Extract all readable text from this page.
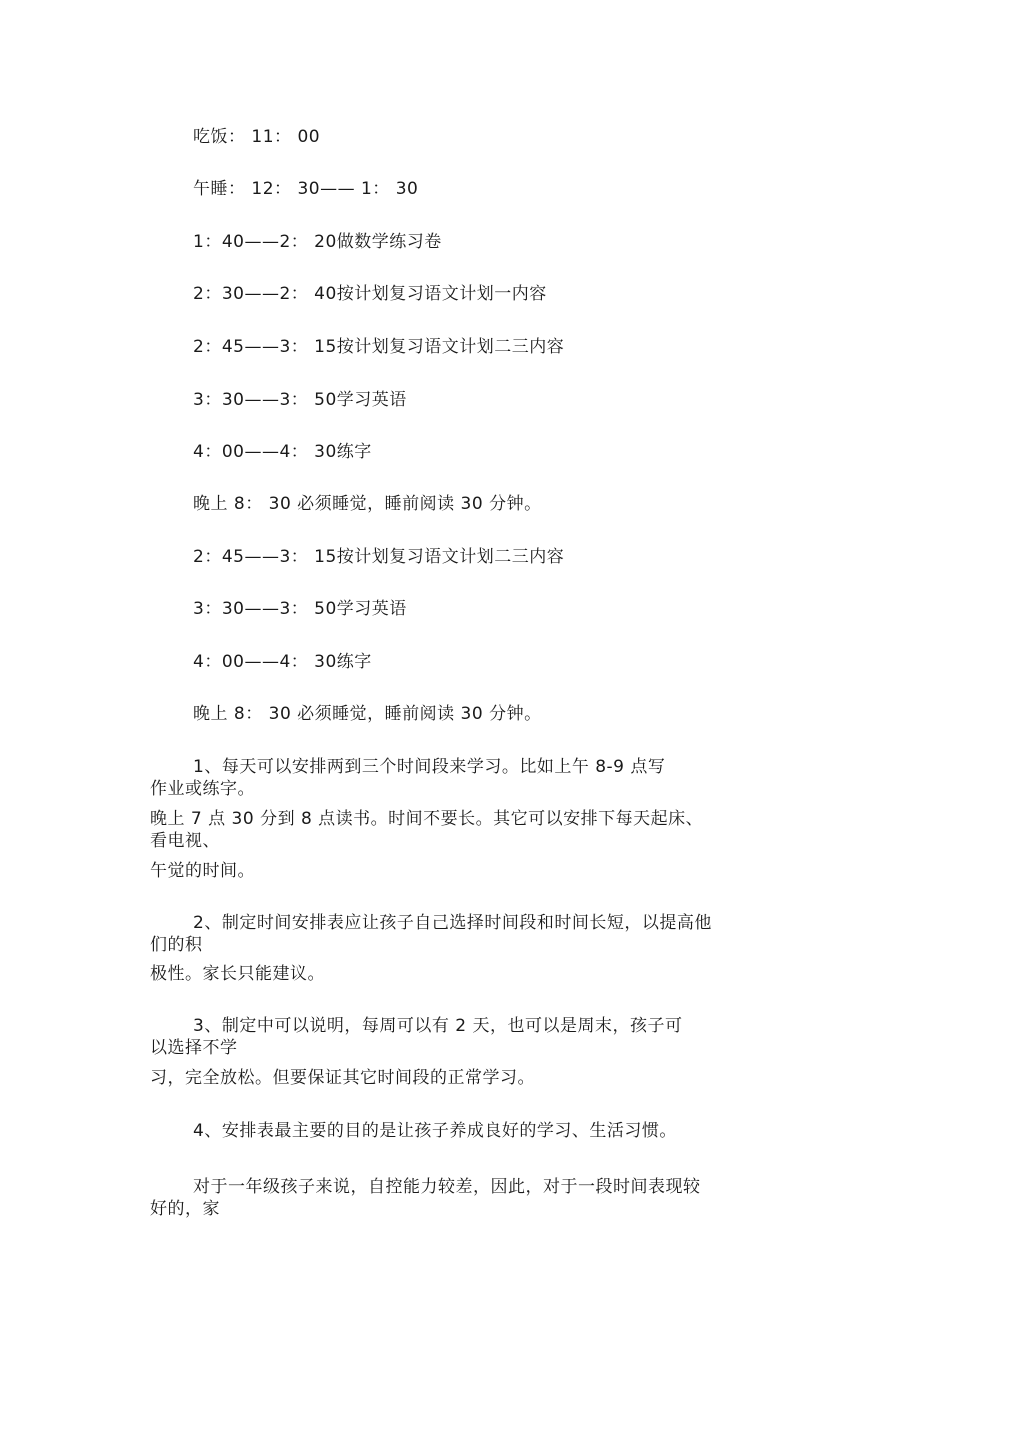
吃饭： 11： 00
午睡： 12： 30—— 1： 30
1：40——2： 20做数学练习卷
2：30——2： 40按计划复习语文计划一内容
2：45——3： 15按计划复习语文计划二三内容
3：30——3： 50学习英语
4：00——4： 30练字
晚上 8： 30 必须睡觉，睡前阅读 30 分钟。
2：45——3： 15按计划复习语文计划二三内容
3：30——3： 50学习英语
4：00——4： 30练字
晚上 8： 30 必须睡觉，睡前阅读 30 分钟。
1、每天可以安排两到三个时间段来学习。比如上午 8-9 点写
作业或练字。
晚上 7 点 30 分到 8 点读书。时间不要长。其它可以安排下每天起床、
看电视、
午觉的时间。
2、制定时间安排表应让孩子自己选择时间段和时间长短，以提高他
们的积
极性。家长只能建议。
3、制定中可以说明，每周可以有 2 天，也可以是周末，孩子可
以选择不学
习，完全放松。但要保证其它时间段的正常学习。
4、安排表最主要的目的是让孩子养成良好的学习、生活习惯。
对于一年级孩子来说，自控能力较差，因此，对于一段时间表现较
好的，家
